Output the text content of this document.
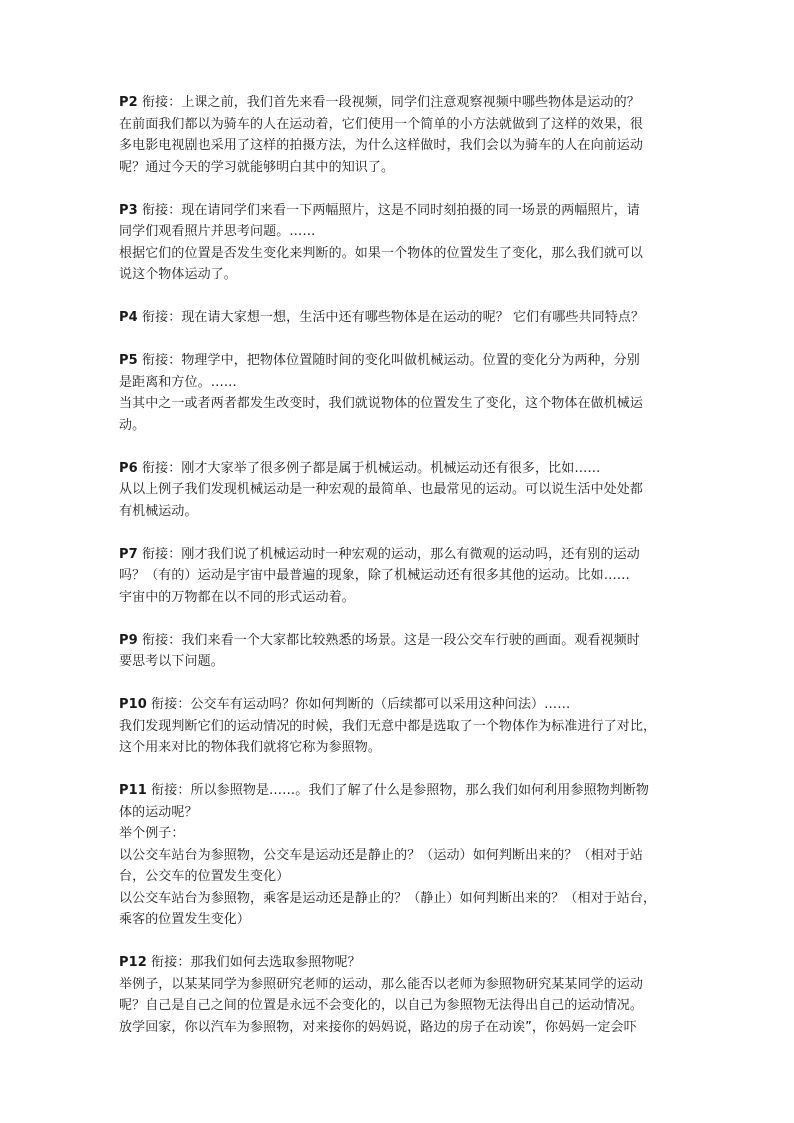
P2 衔接：上课之前，我们首先来看一段视频，同学们注意观察视频中哪些物体是运动的？
在前面我们都以为骑车的人在运动着，它们使用一个简单的小方法就做到了这样的效果，很
多电影电视剧也采用了这样的拍摄方法，为什么这样做时，我们会以为骑车的人在向前运动
呢？通过今天的学习就能够明白其中的知识了。
P3 衔接：现在请同学们来看一下两幅照片，这是不同时刻拍摄的同一场景的两幅照片，请
同学们观看照片并思考问题。……
根据它们的位置是否发生变化来判断的。如果一个物体的位置发生了变化，那么我们就可以
说这个物体运动了。
P4 衔接：现在请大家想一想，生活中还有哪些物体是在运动的呢？ 它们有哪些共同特点？
P5 衔接：物理学中，把物体位置随时间的变化叫做机械运动。位置的变化分为两种，分别
是距离和方位。……
当其中之一或者两者都发生改变时，我们就说物体的位置发生了变化，这个物体在做机械运
动。
P6 衔接：刚才大家举了很多例子都是属于机械运动。机械运动还有很多，比如……
从以上例子我们发现机械运动是一种宏观的最简单、也最常见的运动。可以说生活中处处都
有机械运动。
P7 衔接：刚才我们说了机械运动时一种宏观的运动，那么有微观的运动吗，还有别的运动
吗？（有的）运动是宇宙中最普遍的现象，除了机械运动还有很多其他的运动。比如……
宇宙中的万物都在以不同的形式运动着。
P9 衔接：我们来看一个大家都比较熟悉的场景。这是一段公交车行驶的画面。观看视频时
要思考以下问题。
P10 衔接：公交车有运动吗？你如何判断的（后续都可以采用这种问法）……
我们发现判断它们的运动情况的时候，我们无意中都是选取了一个物体作为标准进行了对比，
这个用来对比的物体我们就将它称为参照物。
P11 衔接：所以参照物是……。我们了解了什么是参照物，那么我们如何利用参照物判断物
体的运动呢？
举个例子：
以公交车站台为参照物，公交车是运动还是静止的？（运动）如何判断出来的？（相对于站
台，公交车的位置发生变化）
以公交车站台为参照物，乘客是运动还是静止的？（静止）如何判断出来的？（相对于站台，
乘客的位置发生变化）
P12 衔接：那我们如何去选取参照物呢？
举例子，以某某同学为参照研究老师的运动，那么能否以老师为参照物研究某某同学的运动
呢？自己是自己之间的位置是永远不会变化的，以自己为参照物无法得出自己的运动情况。
放学回家，你以汽车为参照物，对来接你的妈妈说，路边的房子在动诶”，你妈妈一定会吓
